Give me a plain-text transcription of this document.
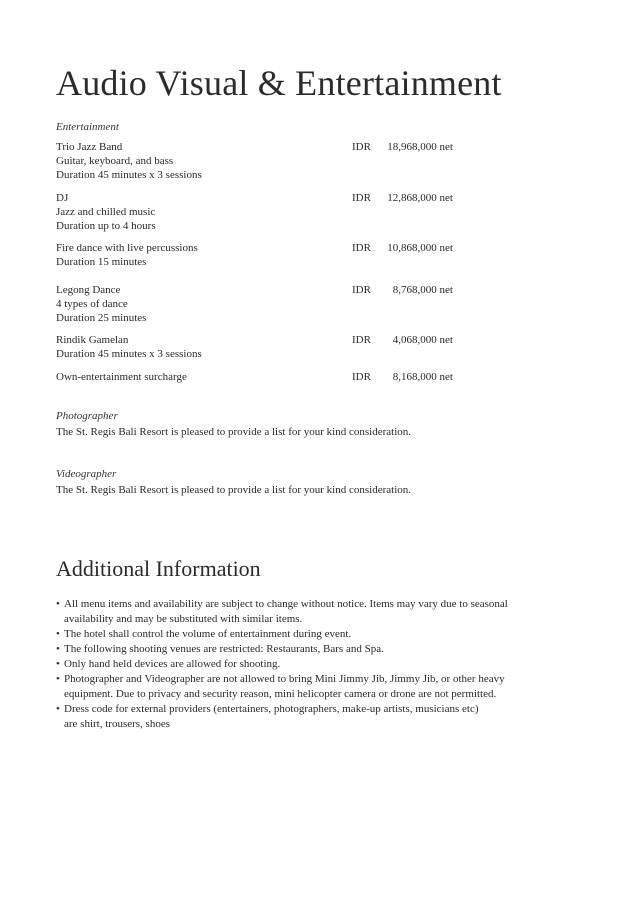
Audio Visual & Entertainment

Entertainment

Trio Jazz Band
Guitar, keyboard, and bass
Duration 45 minutes x 3 sessions
IDR 18,968,000 net
DJ
Jazz and chilled music
Duration up to 4 hours
IDR 12,868,000 net
Fire dance with live percussions
Duration 15 minutes
IDR 10,868,000 net
Legong Dance
4 types of dance
Duration 25 minutes
IDR 8,768,000 net
Rindik Gamelan
Duration 45 minutes x 3 sessions
IDR 4,068,000 net
Own-entertainment surcharge	IDR 8,168,000 net

Photographer

The St. Regis Bali Resort is pleased to provide a list for your kind consideration.

Videographer

The St. Regis Bali Resort is pleased to provide a list for your kind consideration.
Additional Information
• All menu items and availability are subject to change without notice. Items may vary due to seasonal
availability and may be substituted with similar items.
• The hotel shall control the volume of entertainment during event.
• The following shooting venues are restricted: Restaurants, Bars and Spa.
• Only hand held devices are allowed for shooting.
• Photographer and Videographer are not allowed to bring Mini Jimmy Jib, Jimmy Jib, or other heavy
equipment. Due to privacy and security reason, mini helicopter camera or drone are not permitted.
• Dress code for external providers (entertainers, photographers, make-up artists, musicians etc)
are shirt, trousers, shoes
